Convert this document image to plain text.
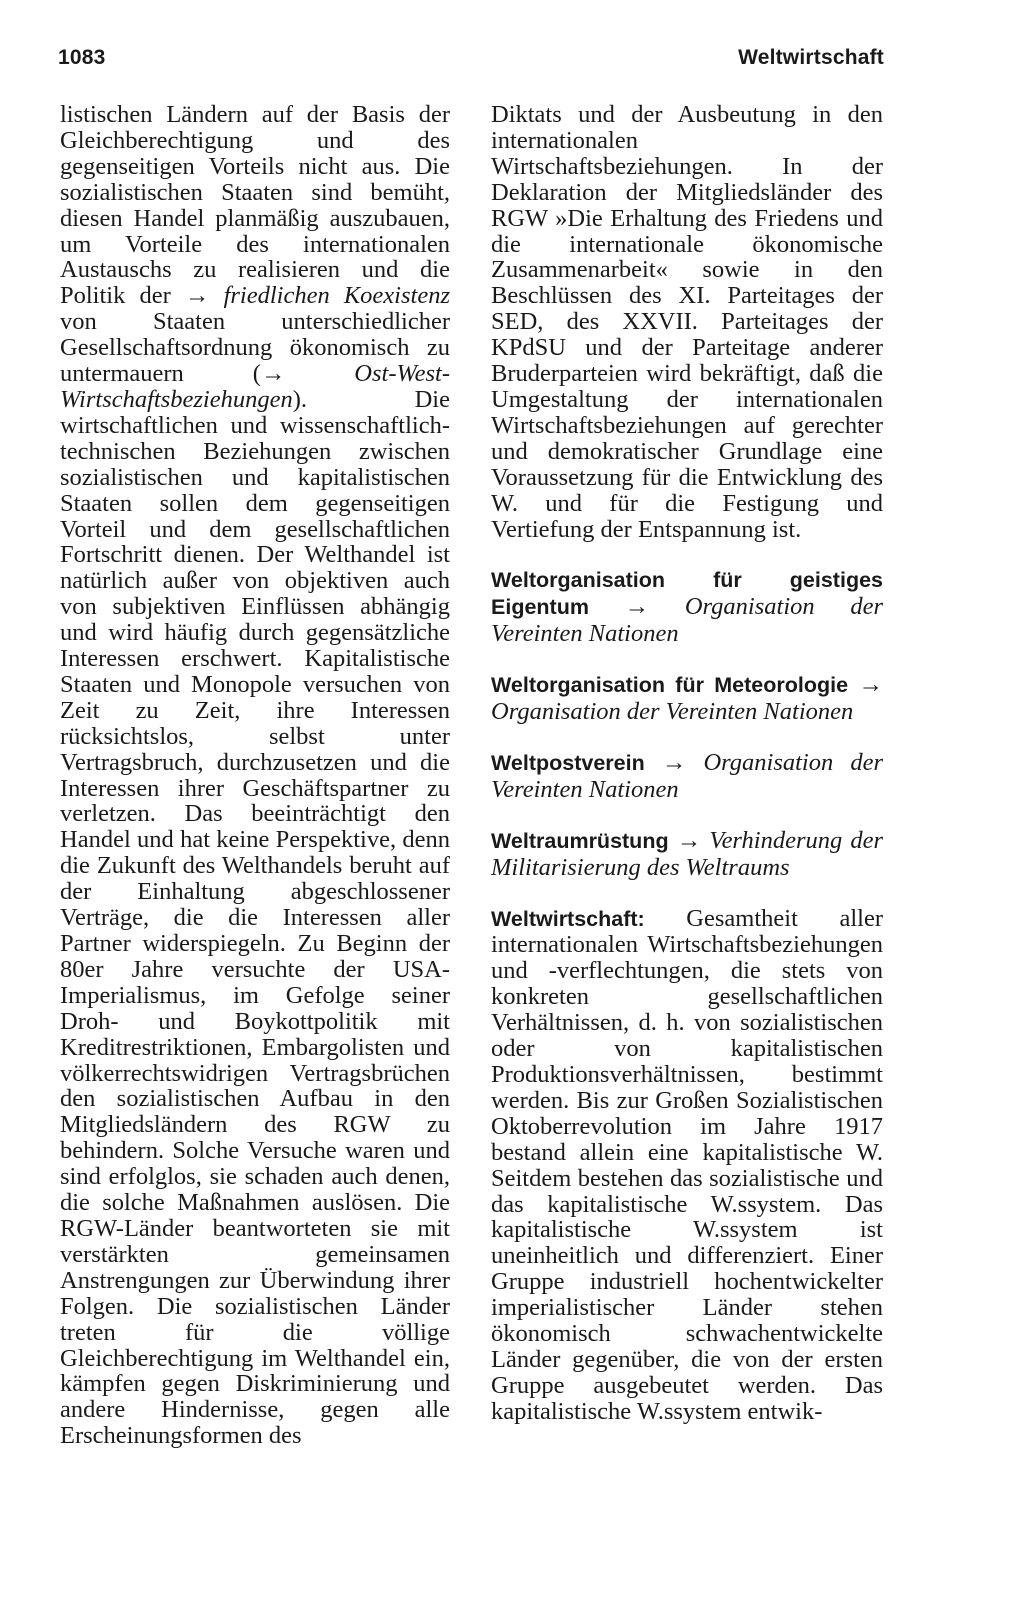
1083	Weltwirtschaft

listischen Ländern auf der Basis der Gleichberechtigung und des gegenseitigen Vorteils nicht aus. Die sozialistischen Staaten sind bemüht, diesen Handel planmäßig auszubauen, um Vorteile des internationalen Austauschs zu realisieren und die Politik der → friedlichen Koexistenz von Staaten unterschiedlicher Gesellschaftsordnung ökonomisch zu untermauern (→	Ost-West-Wirtschaftsbeziehungen). Die wirtschaftlichen und wissenschaftlich-technischen Beziehungen zwischen sozialistischen und kapitalistischen Staaten sollen dem gegenseitigen Vorteil und dem gesellschaftlichen Fortschritt dienen. Der Welthandel ist natürlich außer von objektiven auch von subjektiven Einflüssen abhängig und wird häufig durch gegensätzliche Interessen erschwert. Kapitalistische Staaten und Monopole versuchen von Zeit zu Zeit, ihre Interessen rücksichtslos, selbst unter Vertragsbruch, durchzusetzen und die Interessen ihrer Geschäftspartner zu verletzen. Das beeinträchtigt den Handel und hat keine Perspektive, denn die Zukunft des Welthandels beruht auf der Einhaltung abgeschlossener Verträge, die die Interessen aller Partner widerspiegeln. Zu Beginn der 80er Jahre versuchte der USA-Imperialismus, im Gefolge seiner Droh- und Boykottpolitik mit Kreditrestriktionen, Embargolisten und völkerrechtswidrigen Vertragsbrüchen den sozialistischen Aufbau in den Mitgliedsländern des RGW zu behindern. Solche Versuche waren und sind erfolglos, sie schaden auch denen, die solche Maßnahmen auslösen. Die RGW-Länder beantworteten sie mit verstärkten gemeinsamen Anstrengungen zur Überwindung ihrer Folgen. Die sozialistischen Länder treten für die völlige Gleichberechtigung im Welthandel ein, kämpfen gegen Diskriminierung und andere Hindernisse, gegen alle Erscheinungsformen des

Diktats und der Ausbeutung in den internationalen Wirtschaftsbeziehungen. In der Deklaration der Mitgliedsländer des RGW »Die Erhaltung des Friedens und die internationale ökonomische Zusammenarbeit« sowie in den Beschlüssen des XI. Parteitages der SED, des XXVII. Parteitages der KPdSU und der Parteitage anderer Bruderparteien wird bekräftigt, daß die Umgestaltung der internationalen Wirtschaftsbeziehungen auf gerechter und demokratischer Grundlage eine Voraussetzung für die Entwicklung des W. und für die Festigung und Vertiefung der Entspannung ist.

Weltorganisation für geistiges Eigentum → Organisation der Vereinten Nationen

Weltorganisation für Meteorologie → Organisation der Vereinten Nationen

Weltpostverein → Organisation der Vereinten Nationen

Weltraumrüstung → Verhinderung der Militarisierung des Weltraums

Weltwirtschaft: Gesamtheit aller internationalen Wirtschaftsbeziehungen und -verflechtungen, die stets von konkreten gesellschaftlichen Verhältnissen, d. h. von sozialistischen oder von kapitalistischen Produktionsverhältnissen, bestimmt werden. Bis zur Großen Sozialistischen Oktoberrevolution im Jahre 1917 bestand allein eine kapitalistische W. Seitdem bestehen das sozialistische und das kapitalistische W.ssystem. Das kapitalistische W.ssystem ist uneinheitlich und differenziert. Einer Gruppe industriell hochentwickelter imperialistischer Länder stehen ökonomisch schwachentwickelte Länder gegenüber, die von der ersten Gruppe ausgebeutet werden. Das kapitalistische W.ssystem entwik-
